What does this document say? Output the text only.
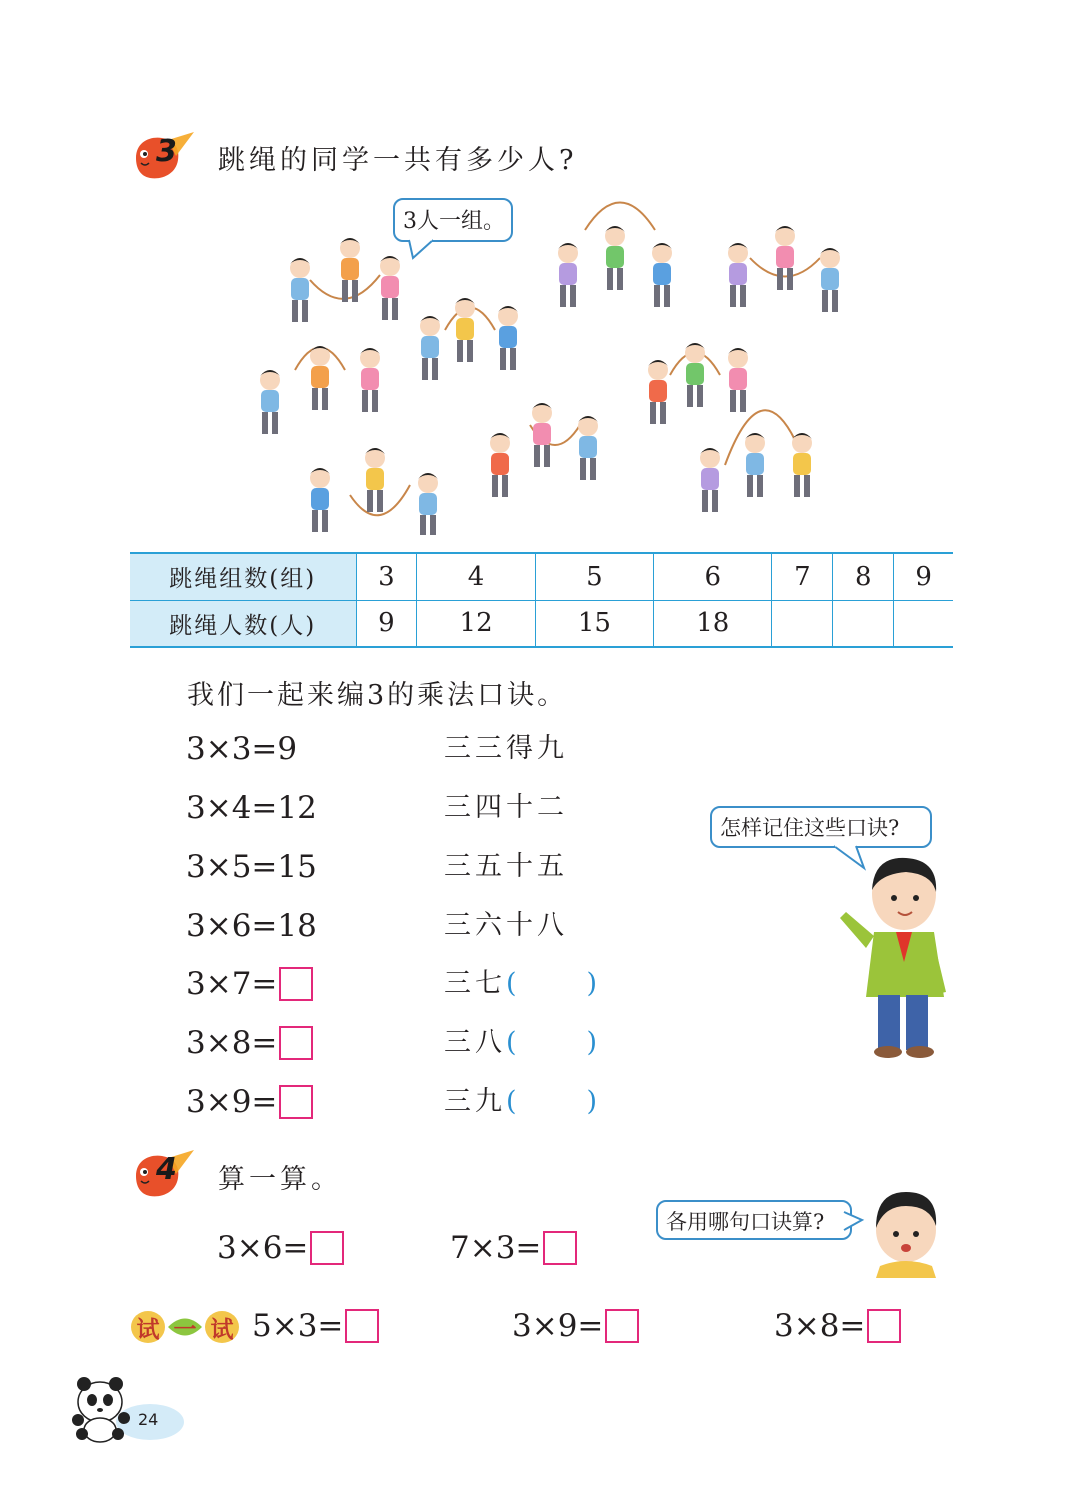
3 跳绳的同学一共有多少人?
3人一组。
跳绳组数(组)	3	4	5	6	7	8	9
跳绳人数(人)	9	12	15	18			
我们一起来编3的乘法口诀。
3×3=9	三三得九
3×4=12	三四十二
3×5=15	三五十五
3×6=18	三六十八
3×7=	三七(	)
3×8=	三八(	)
3×9=	三九(	)
怎样记住这些口诀?
4 算一算。
3×6=	7×3=
各用哪句口诀算?
试 一 试 5×3=	3×9=	3×8=
24
